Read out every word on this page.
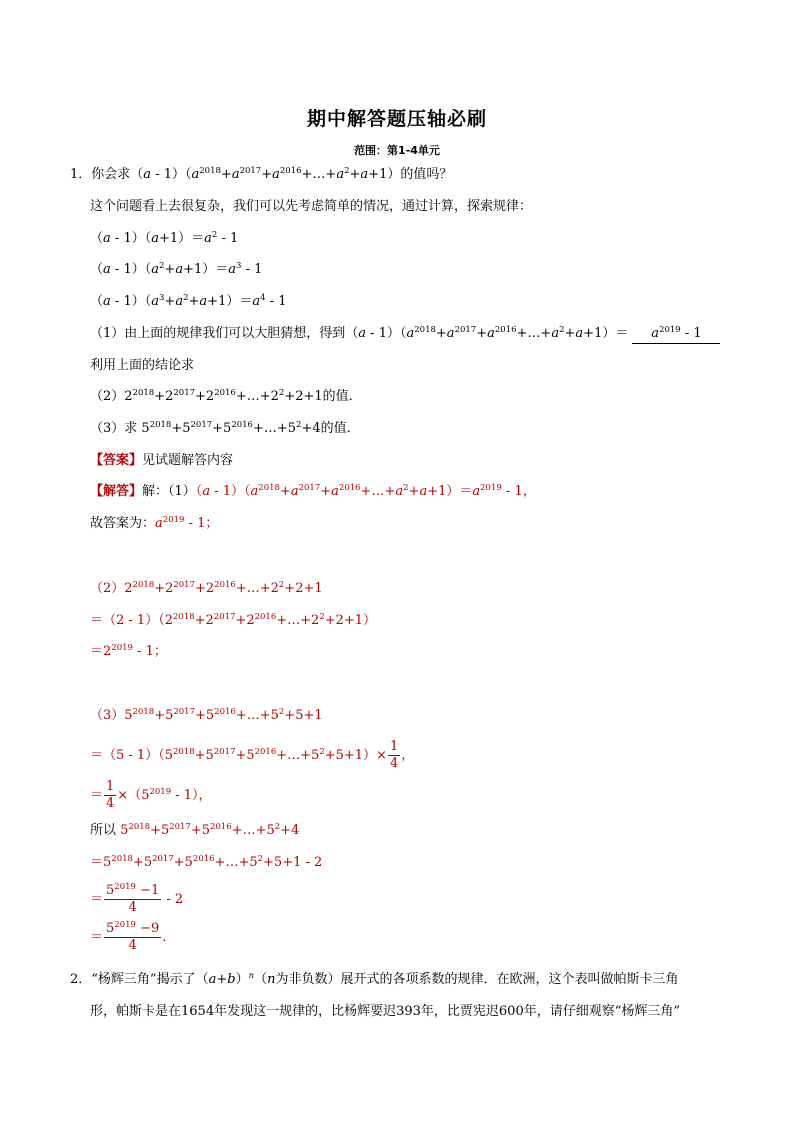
期中解答题压轴必刷
范围：第1-4单元
1．你会求$(a - 1)(a^{2018}+a^{2017}+a^{2016}+\dots+a^2+a+1)$的值吗？
这个问题看上去很复杂，我们可以先考虑简单的情况，通过计算，探索规律：
$(a - 1)(a+1)=a^2 - 1$
$(a - 1)(a^2+a+1)=a^3 - 1$
$(a - 1)(a^3+a^2+a+1)=a^4 - 1$
（1）由上面的规律我们可以大胆猜想，得到$(a - 1)(a^{2018}+a^{2017}+a^{2016}+\dots+a^2+a+1)= a^{2019} - 1$
利用上面的结论求
$(2)2^{2018}+2^{2017}+2^{2016}+\dots+2^2+2+1$的值．
（3）求 $5^{2018}+5^{2017}+5^{2016}+\dots+5^2+4$的值．
【答案】见试题解答内容
【解答】解：$(1)(a - 1)(a^{2018}+a^{2017}+a^{2016}+\dots+a^2+a+1)=a^{2019} - 1$，
故答案为：$a^{2019} - 1$；
$(2)2^{2018}+2^{2017}+2^{2016}+\dots+2^2+2+1$
$=(2 - 1)(2^{2018}+2^{2017}+2^{2016}+\dots+2^2+2+1)$
$=2^{2019} - 1$；
$(3)5^{2018}+5^{2017}+5^{2016}+\dots+5^2+5+1$
$=(5 - 1)(5^{2018}+5^{2017}+5^{2016}+\dots+5^2+5+1)\times \frac{1}{4}$ ，
＝ $\frac{1}{4} \times(5^{2019} - 1)$，
所以 $5^{2018}+5^{2017}+5^{2016}+\dots+5^2+4$
$=5^{2018}+5^{2017}+5^{2016}+\dots+5^2+5+1 - 2$
＝ $\frac{5^{2019} -1}{4} - 2$
＝ $\frac{5^{2019} -9}{4}$ .
2．“杨辉三角”揭示了$(a+b)^n(n$为非负数）展开式的各项系数的规律．在欧洲，这个表叫做帕斯卡三角
形，帕斯卡是在1654年发现这一规律的，比杨辉要迟393年，比贾宪迟600年，请仔细观察“杨辉三角”
